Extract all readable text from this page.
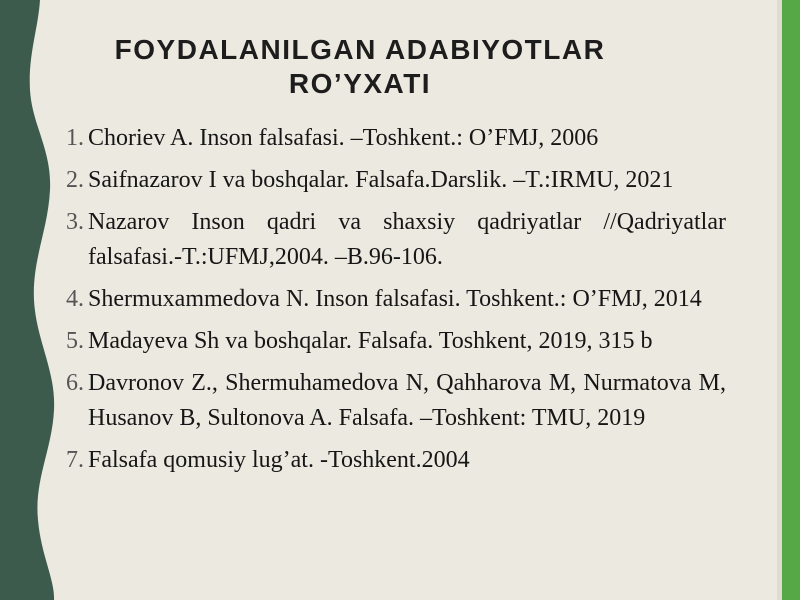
FOYDALANILGAN ADABIYOTLAR
RO’YXATI
1. Choriev A. Inson falsafasi. –Toshkent.: O’FMJ, 2006
2. Saifnazarov I va boshqalar. Falsafa.Darslik. –T.:IRMU, 2021
3. Nazarov Inson qadri va shaxsiy qadriyatlar //Qadriyatlar falsafasi.-T.:UFMJ,2004. –B.96-106.
4. Shermuxammedova N. Inson falsafasi. Toshkent.: O’FMJ, 2014
5. Madayeva Sh va boshqalar. Falsafa. Toshkent, 2019, 315 b
6. Davronov Z., Shermuhamedova N, Qahharova M, Nurmatova M, Husanov B, Sultonova A. Falsafa. –Toshkent: TMU, 2019
7. Falsafa qomusiy lug’at. -Toshkent.2004
